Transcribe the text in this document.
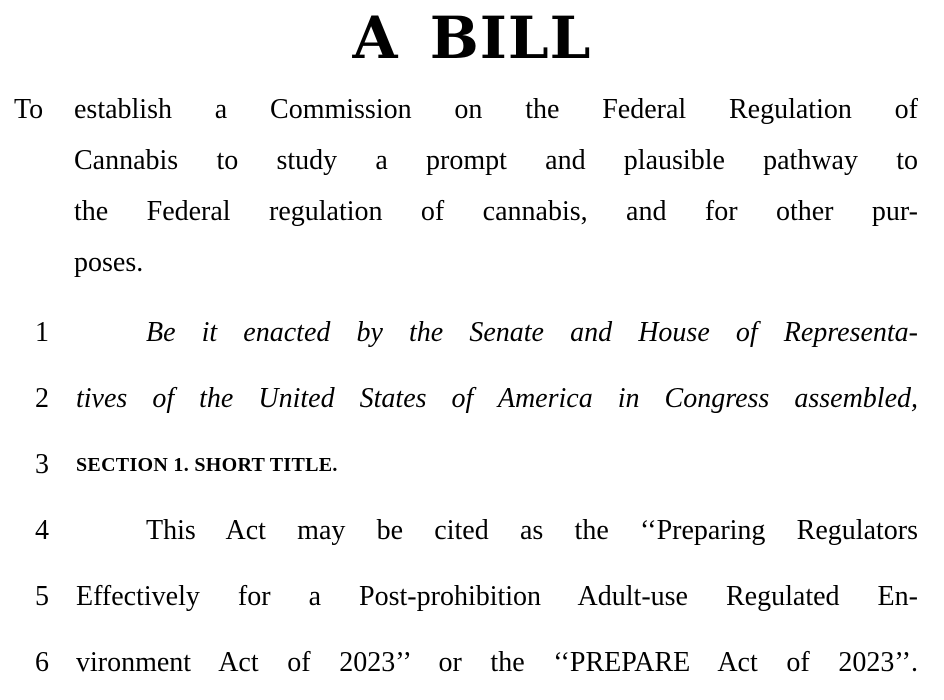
A BILL
To establish a Commission on the Federal Regulation of
Cannabis to study a prompt and plausible pathway to
the Federal regulation of cannabis, and for other pur-
poses.
1	Be it enacted by the Senate and House of Representa-
2 tives of the United States of America in Congress assembled,
3	SECTION 1. SHORT TITLE.
4	This Act may be cited as the ‘‘Preparing Regulators
5 Effectively for a Post-prohibition Adult-use Regulated En-
6 vironment Act of 2023’’ or the ‘‘PREPARE Act of 2023’’.
